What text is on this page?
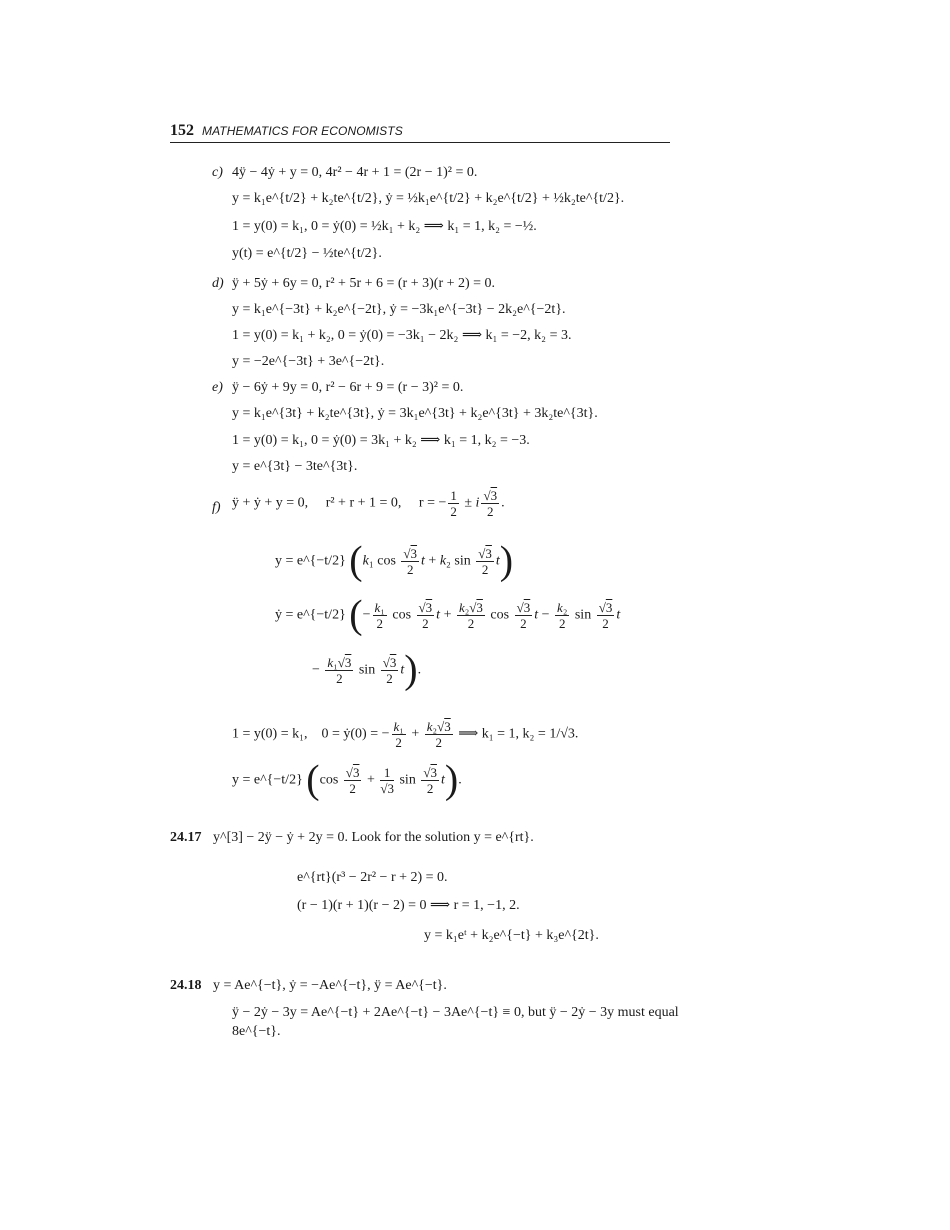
152 MATHEMATICS FOR ECONOMISTS
c) 4ÿ − 4ẏ + y = 0, 4r² − 4r + 1 = (2r − 1)² = 0.
y = k₁e^{t/2} + k₂te^{t/2}, ẏ = ½k₁e^{t/2} + k₂e^{t/2} + ½k₂te^{t/2}.
1 = y(0) = k₁, 0 = ẏ(0) = ½k₁ + k₂ ⟹ k₁ = 1, k₂ = −½.
y(t) = e^{t/2} − ½te^{t/2}.
d) ÿ + 5ẏ + 6y = 0, r² + 5r + 6 = (r + 3)(r + 2) = 0.
y = k₁e^{−3t} + k₂e^{−2t}, ẏ = −3k₁e^{−3t} − 2k₂e^{−2t}.
1 = y(0) = k₁ + k₂, 0 = ẏ(0) = −3k₁ − 2k₂ ⟹ k₁ = −2, k₂ = 3.
y = −2e^{−3t} + 3e^{−2t}.
e) ÿ − 6ẏ + 9y = 0, r² − 6r + 9 = (r − 3)² = 0.
y = k₁e^{3t} + k₂te^{3t}, ẏ = 3k₁e^{3t} + k₂e^{3t} + 3k₂te^{3t}.
1 = y(0) = k₁, 0 = ẏ(0) = 3k₁ + k₂ ⟹ k₁ = 1, k₂ = −3.
y = e^{3t} − 3te^{3t}.
f) ÿ + ẏ + y = 0, r² + r + 1 = 0, r = − $\frac{1}{2} \pm i \frac{√3}{2}$ .
y = e^{−t/2} (k₁ $\cos \frac{√3}{2}$ t + k₂ $\sin \frac{√3}{2} t$)
ẏ = e^{−t/2} (− $\frac{\text{k₁}}{2}$ $\cos \frac{√3}{2}$ $t + \frac{\text{k₂√3}}{2}$ $\cos \frac{√3}{2}$ $t - \frac{\text{k₂}}{2}$ $\sin \frac{√3}{2}$ t
− $\frac{\text{k₁√3}}{2}$ $\sin \frac{√3}{2} t$).
1 = y(0) = k₁, 0 = ẏ(0) = − $\frac{\text{k₁}}{2} + \frac{\text{k₂√3}}{2}$ ⟹ k₁ = 1, k₂ = 1/√3.
y = e^{−t/2} ($\cos \frac{√3}{2} + \frac{1}{√3}$ $\sin \frac{√3}{2} t$).
24.17 y^[3] − 2ÿ − ẏ + 2y = 0. Look for the solution y = e^{rt}.
e^{rt}(r³ − 2r² − r + 2) = 0.
(r − 1)(r + 1)(r − 2) = 0 ⟹ r = 1, −1, 2.
y = k₁eᵗ + k₂e^{−t} + k₃e^{2t}.
24.18 y = Ae^{−t}, ẏ = −Ae^{−t}, ÿ = Ae^{−t}.
ÿ − 2ẏ − 3y = Ae^{−t} + 2Ae^{−t} − 3Ae^{−t} ≡ 0, but ÿ − 2ẏ − 3y must equal
8e^{−t}.
